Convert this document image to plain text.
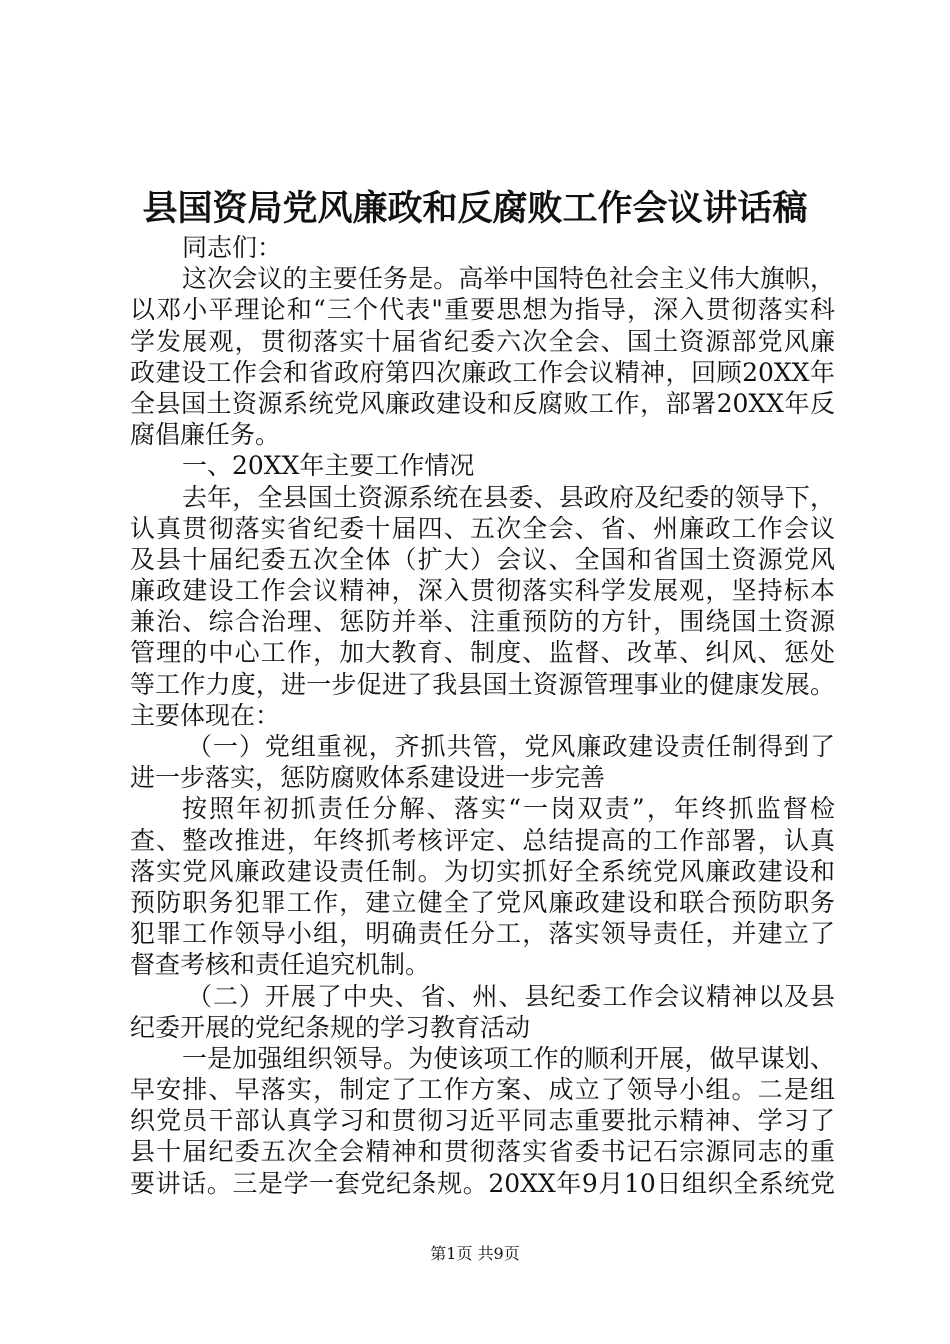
县国资局党风廉政和反腐败工作会议讲话稿
同志们：
这次会议的主要任务是。高举中国特色社会主义伟大旗帜，
以邓小平理论和“三个代表"重要思想为指导，深入贯彻落实科
学发展观，贯彻落实十届省纪委六次全会、国土资源部党风廉
政建设工作会和省政府第四次廉政工作会议精神，回顾20XX年
全县国土资源系统党风廉政建设和反腐败工作，部署20XX年反
腐倡廉任务。
一、20XX年主要工作情况
去年，全县国土资源系统在县委、县政府及纪委的领导下，
认真贯彻落实省纪委十届四、五次全会、省、州廉政工作会议
及县十届纪委五次全体（扩大）会议、全国和省国土资源党风
廉政建设工作会议精神，深入贯彻落实科学发展观，坚持标本
兼治、综合治理、惩防并举、注重预防的方针，围绕国土资源
管理的中心工作，加大教育、制度、监督、改革、纠风、惩处
等工作力度，进一步促进了我县国土资源管理事业的健康发展。
主要体现在：
（一）党组重视，齐抓共管，党风廉政建设责任制得到了
进一步落实，惩防腐败体系建设进一步完善
按照年初抓责任分解、落实“一岗双责”，年终抓监督检
查、整改推进，年终抓考核评定、总结提高的工作部署，认真
落实党风廉政建设责任制。为切实抓好全系统党风廉政建设和
预防职务犯罪工作，建立健全了党风廉政建设和联合预防职务
犯罪工作领导小组，明确责任分工，落实领导责任，并建立了
督查考核和责任追究机制。
（二）开展了中央、省、州、县纪委工作会议精神以及县
纪委开展的党纪条规的学习教育活动
一是加强组织领导。为使该项工作的顺利开展，做早谋划、
早安排、早落实，制定了工作方案、成立了领导小组。二是组
织党员干部认真学习和贯彻习近平同志重要批示精神、学习了
县十届纪委五次全会精神和贯彻落实省委书记石宗源同志的重
要讲话。三是学一套党纪条规。20XX年9月10日组织全系统党
第1页 共9页
